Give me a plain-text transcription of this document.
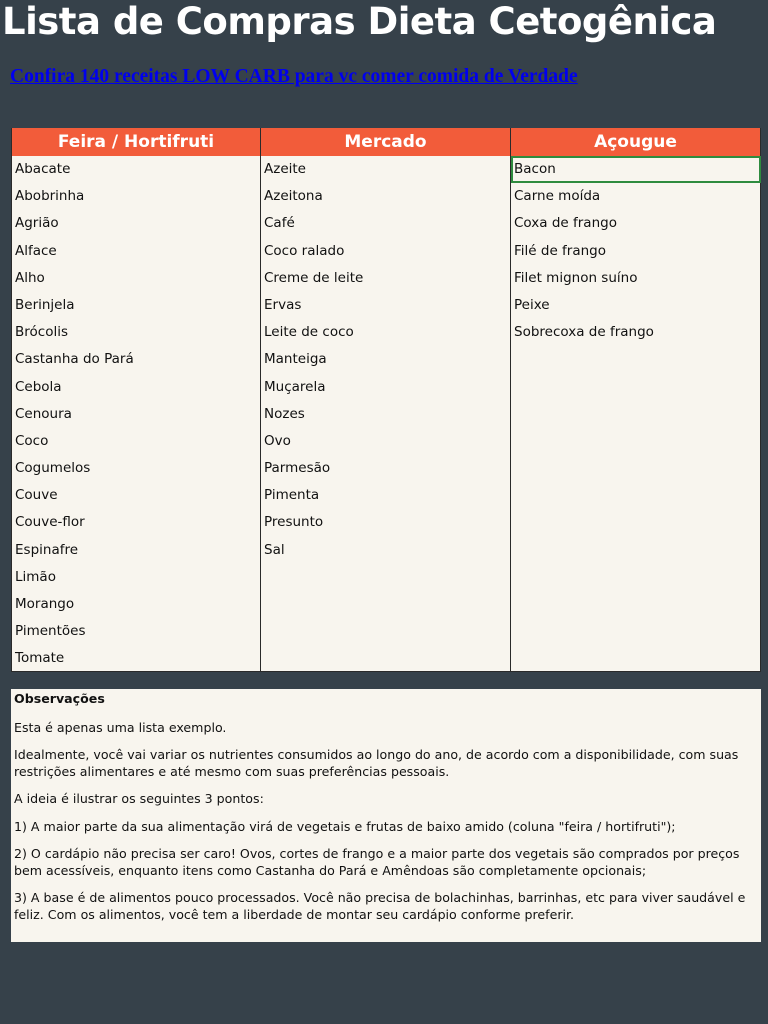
Lista de Compras Dieta Cetogênica
Confira 140 receitas LOW CARB para vc comer comida de Verdade
Feira / Hortifruti
Abacate
Abobrinha
Agrião
Alface
Alho
Berinjela
Brócolis
Castanha do Pará
Cebola
Cenoura
Coco
Cogumelos
Couve
Couve-flor
Espinafre
Limão
Morango
Pimentões
Tomate
Mercado
Azeite
Azeitona
Café
Coco ralado
Creme de leite
Ervas
Leite de coco
Manteiga
Muçarela
Nozes
Ovo
Parmesão
Pimenta
Presunto
Sal
Açougue
Bacon
Carne moída
Coxa de frango
Filé de frango
Filet mignon suíno
Peixe
Sobrecoxa de frango
Observações

Esta é apenas uma lista exemplo.

Idealmente, você vai variar os nutrientes consumidos ao longo do ano, de acordo com a disponibilidade, com suas restrições alimentares e até mesmo com suas preferências pessoais.

A ideia é ilustrar os seguintes 3 pontos:

1) A maior parte da sua alimentação virá de vegetais e frutas de baixo amido (coluna "feira / hortifruti");

2) O cardápio não precisa ser caro! Ovos, cortes de frango e a maior parte dos vegetais são comprados por preços bem acessíveis, enquanto itens como Castanha do Pará e Amêndoas são completamente opcionais;

3) A base é de alimentos pouco processados. Você não precisa de bolachinhas, barrinhas, etc para viver saudável e feliz. Com os alimentos, você tem a liberdade de montar seu cardápio conforme preferir.
